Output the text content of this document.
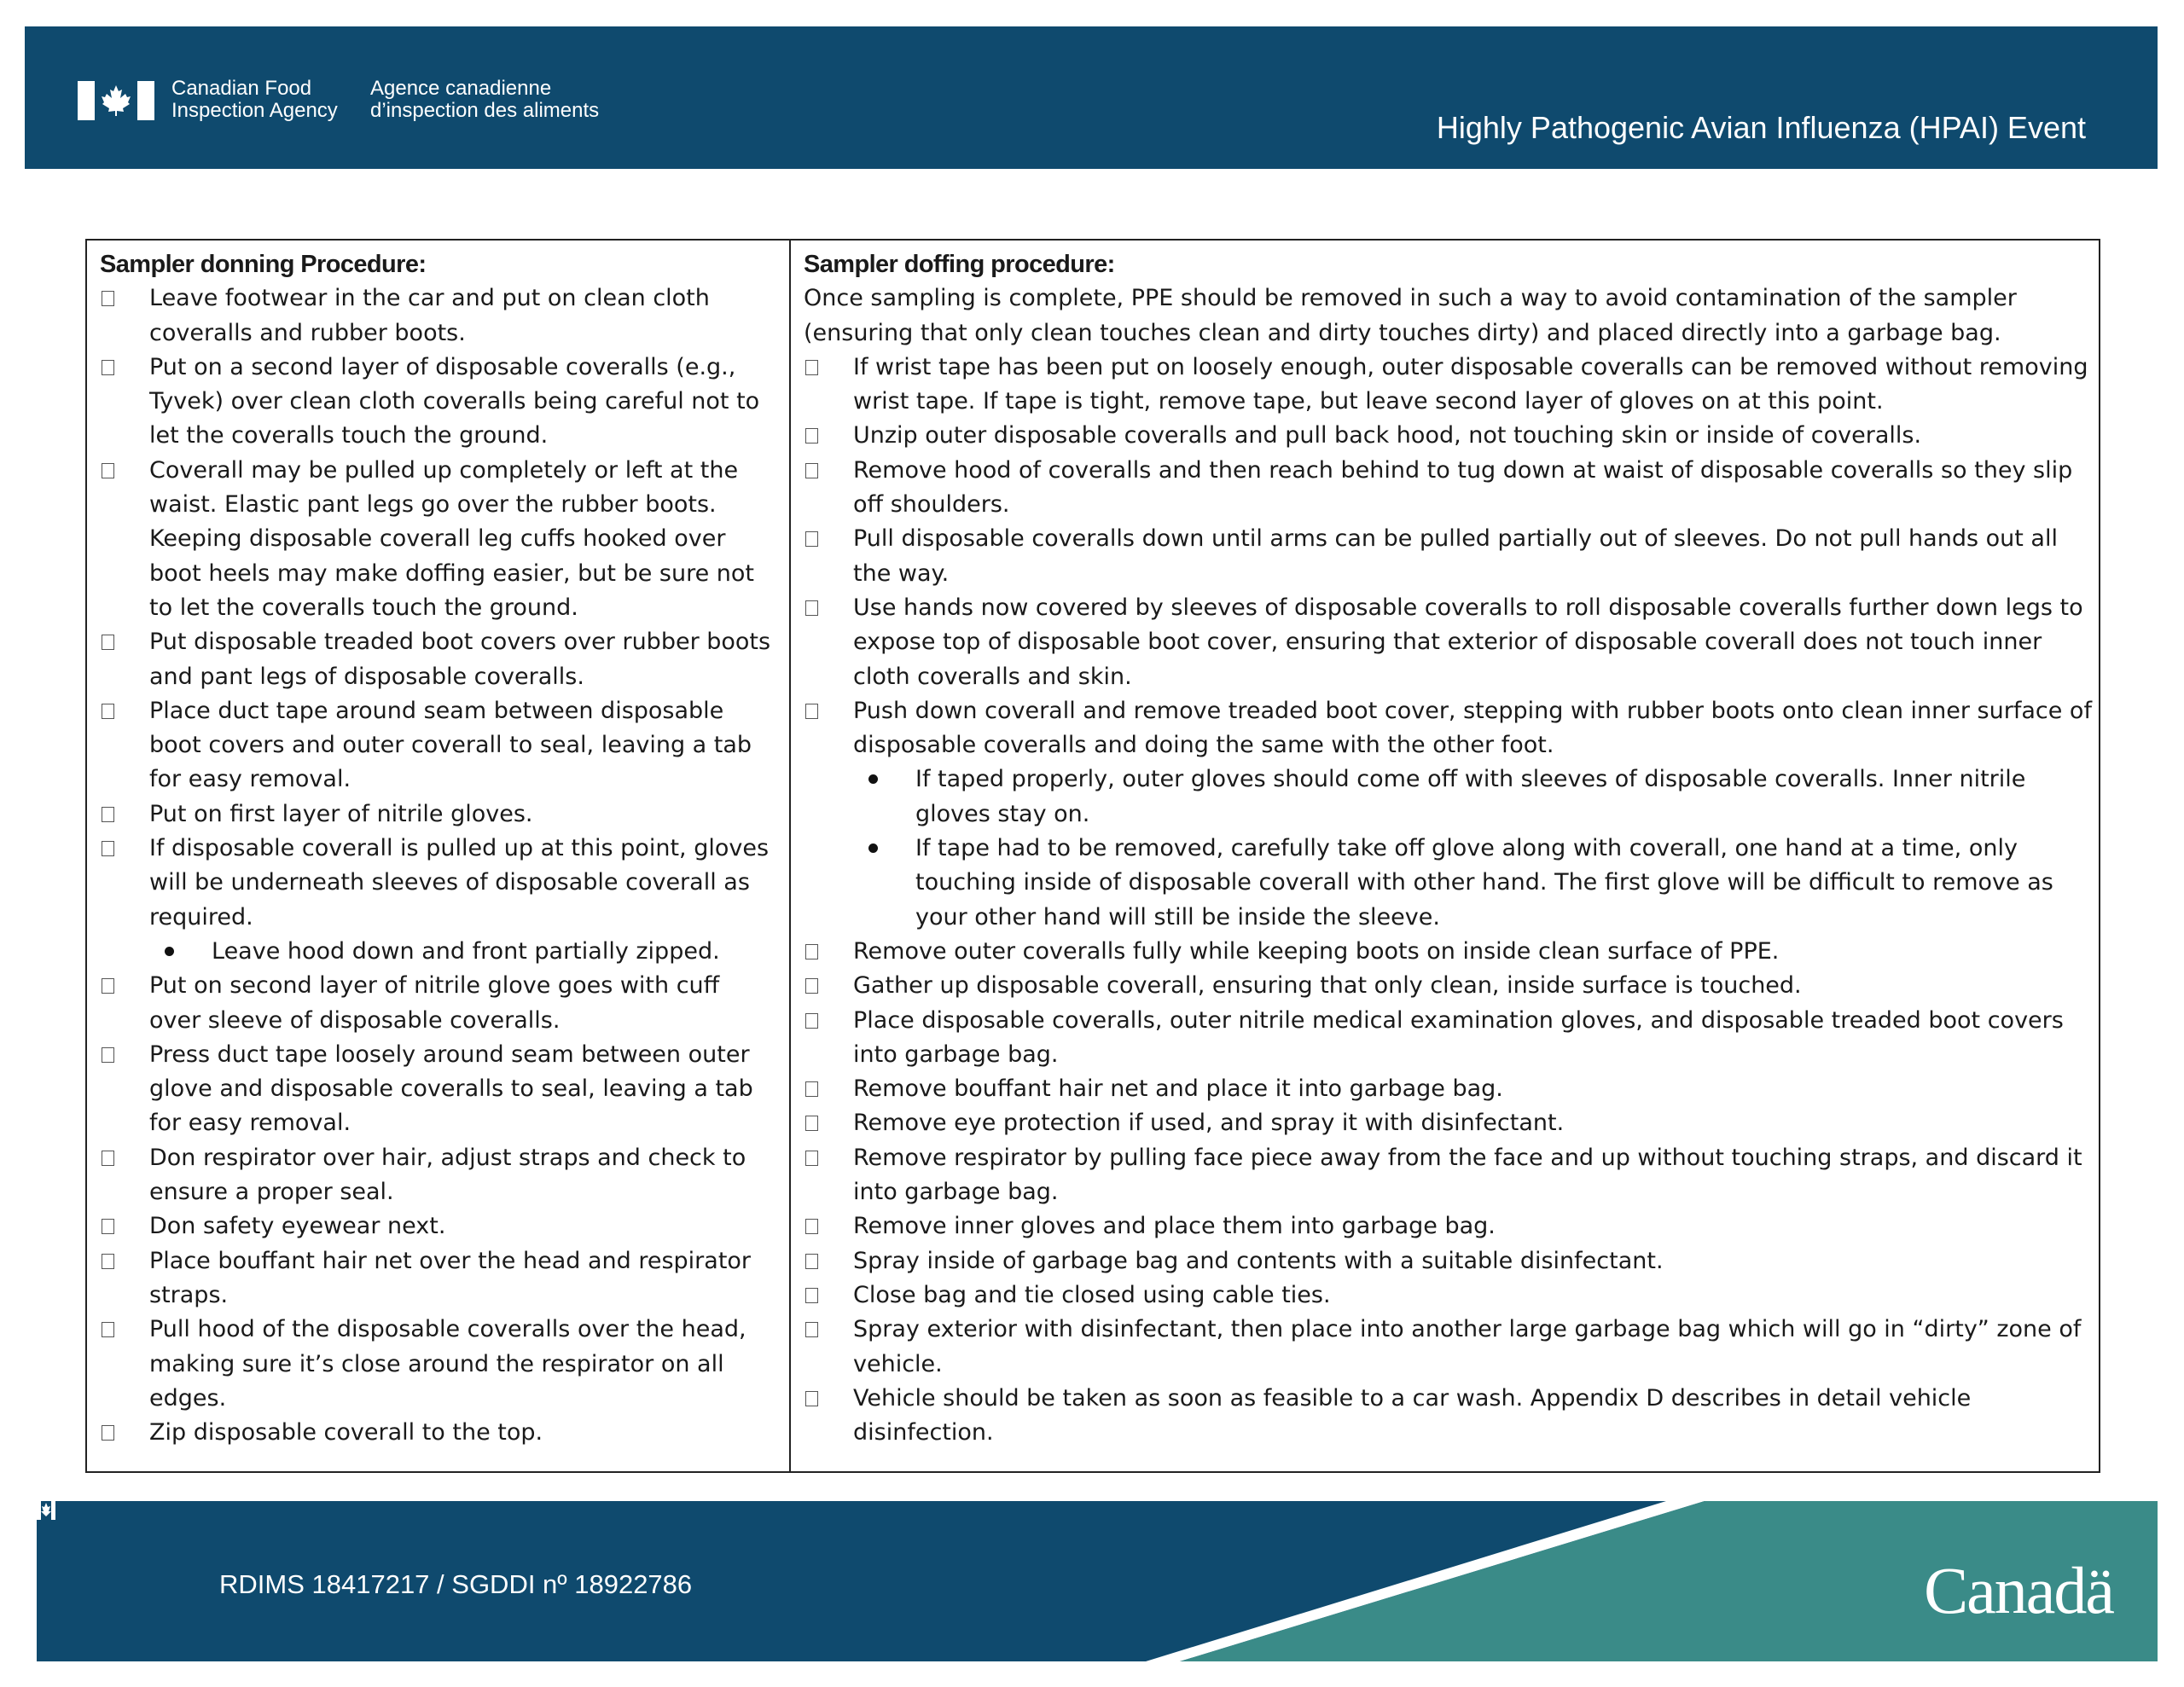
Canadian Food
Inspection Agency
Agence canadienne
d’inspection des aliments	Highly Pathogenic Avian Influenza (HPAI) Event
Sampler donning Procedure:
Leave footwear in the car and put on clean cloth coveralls and rubber boots.
Put on a second layer of disposable coveralls (e.g., Tyvek) over clean cloth coveralls being careful not to let the coveralls touch the ground.
Coverall may be pulled up completely or left at the waist. Elastic pant legs go over the rubber boots. Keeping disposable coverall leg cuffs hooked over boot heels may make doffing easier, but be sure not to let the coveralls touch the ground.
Put disposable treaded boot covers over rubber boots and pant legs of disposable coveralls.
Place duct tape around seam between disposable boot covers and outer coverall to seal, leaving a tab for easy removal.
Put on first layer of nitrile gloves.
If disposable coverall is pulled up at this point, gloves will be underneath sleeves of disposable coverall as required.
Leave hood down and front partially zipped.
Put on second layer of nitrile glove goes with cuff over sleeve of disposable coveralls.
Press duct tape loosely around seam between outer glove and disposable coveralls to seal, leaving a tab for easy removal.
Don respirator over hair, adjust straps and check to ensure a proper seal.
Don safety eyewear next.
Place bouffant hair net over the head and respirator straps.
Pull hood of the disposable coveralls over the head, making sure it’s close around the respirator on all edges.
Zip disposable coverall to the top.
Sampler doffing procedure:

Once sampling is complete, PPE should be removed in such a way to avoid contamination of the sampler (ensuring that only clean touches clean and dirty touches dirty) and placed directly into a garbage bag.

If wrist tape has been put on loosely enough, outer disposable coveralls can be removed without removing wrist tape. If tape is tight, remove tape, but leave second layer of gloves on at this point.
Unzip outer disposable coveralls and pull back hood, not touching skin or inside of coveralls.
Remove hood of coveralls and then reach behind to tug down at waist of disposable coveralls so they slip off shoulders.
Pull disposable coveralls down until arms can be pulled partially out of sleeves. Do not pull hands out all the way.
Use hands now covered by sleeves of disposable coveralls to roll disposable coveralls further down legs to expose top of disposable boot cover, ensuring that exterior of disposable coverall does not touch inner cloth coveralls and skin.
Push down coverall and remove treaded boot cover, stepping with rubber boots onto clean inner surface of disposable coveralls and doing the same with the other foot.
If taped properly, outer gloves should come off with sleeves of disposable coveralls. Inner nitrile gloves stay on.
If tape had to be removed, carefully take off glove along with coverall, one hand at a time, only touching inside of disposable coverall with other hand. The first glove will be difficult to remove as your other hand will still be inside the sleeve.
Remove outer coveralls fully while keeping boots on inside clean surface of PPE.
Gather up disposable coverall, ensuring that only clean, inside surface is touched.
Place disposable coveralls, outer nitrile medical examination gloves, and disposable treaded boot covers into garbage bag.
Remove bouffant hair net and place it into garbage bag.
Remove eye protection if used, and spray it with disinfectant.
Remove respirator by pulling face piece away from the face and up without touching straps, and discard it into garbage bag.
Remove inner gloves and place them into garbage bag.
Spray inside of garbage bag and contents with a suitable disinfectant.
Close bag and tie closed using cable ties.
Spray exterior with disinfectant, then place into another large garbage bag which will go in “dirty” zone of vehicle.
Vehicle should be taken as soon as feasible to a car wash. Appendix D describes in detail vehicle disinfection.
RDIMS 18417217 / SGDDI nº 18922786	Canadä
